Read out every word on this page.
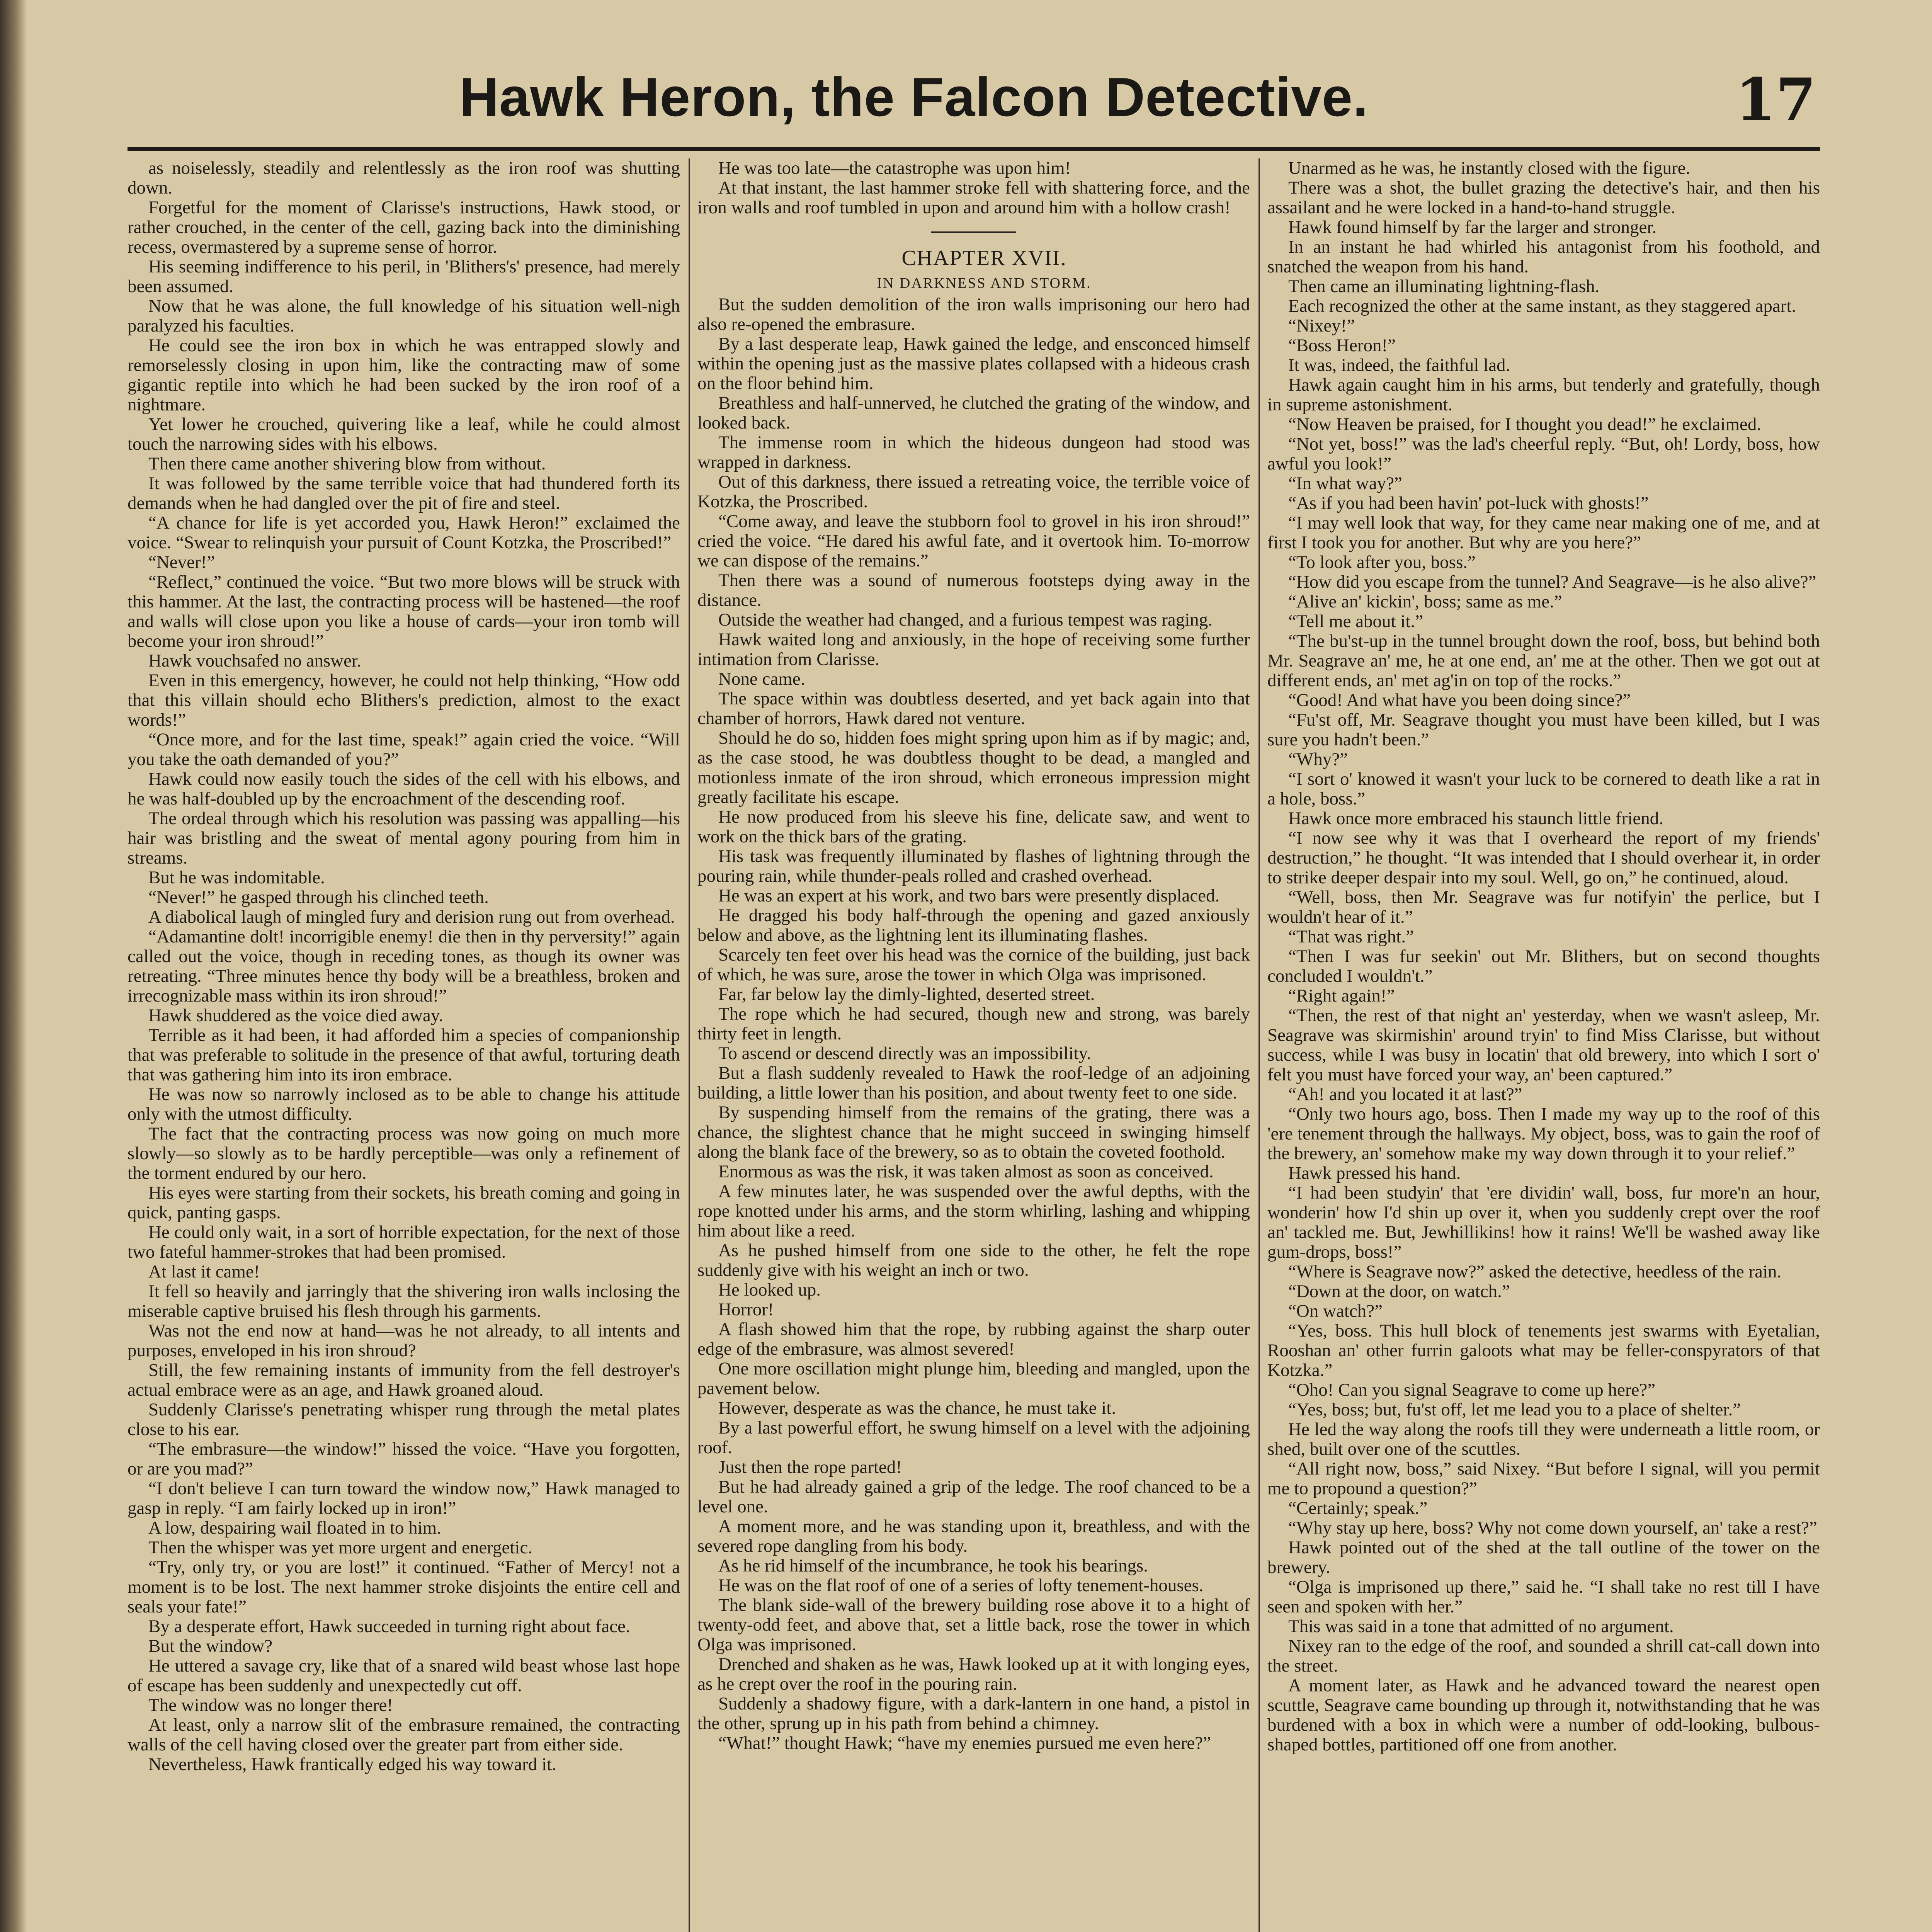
Hawk Heron, the Falcon Detective.	17

as noiselessly, steadily and relentlessly as the iron roof was shutting down.

Forgetful for the moment of Clarisse's instructions, Hawk stood, or rather crouched, in the center of the cell, gazing back into the diminishing recess, overmastered by a supreme sense of horror.

His seeming indifference to his peril, in 'Blithers's' presence, had merely been assumed.

Now that he was alone, the full knowledge of his situation well-nigh paralyzed his faculties.

He could see the iron box in which he was entrapped slowly and remorselessly closing in upon him, like the contracting maw of some gigantic reptile into which he had been sucked by the iron roof of a nightmare.

Yet lower he crouched, quivering like a leaf, while he could almost touch the narrowing sides with his elbows.

Then there came another shivering blow from without.

It was followed by the same terrible voice that had thundered forth its demands when he had dangled over the pit of fire and steel.

“A chance for life is yet accorded you, Hawk Heron!” exclaimed the voice. “Swear to relinquish your pursuit of Count Kotzka, the Proscribed!”

“Never!”

“Reflect,” continued the voice. “But two more blows will be struck with this hammer. At the last, the contracting process will be hastened—the roof and walls will close upon you like a house of cards—your iron tomb will become your iron shroud!”

Hawk vouchsafed no answer.

Even in this emergency, however, he could not help thinking, “How odd that this villain should echo Blithers's prediction, almost to the exact words!”

“Once more, and for the last time, speak!” again cried the voice. “Will you take the oath demanded of you?”

Hawk could now easily touch the sides of the cell with his elbows, and he was half-doubled up by the encroachment of the descending roof.

The ordeal through which his resolution was passing was appalling—his hair was bristling and the sweat of mental agony pouring from him in streams.

But he was indomitable.

“Never!” he gasped through his clinched teeth.

A diabolical laugh of mingled fury and derision rung out from overhead.

“Adamantine dolt! incorrigible enemy! die then in thy perversity!” again called out the voice, though in receding tones, as though its owner was retreating. “Three minutes hence thy body will be a breathless, broken and irrecognizable mass within its iron shroud!”

Hawk shuddered as the voice died away.

Terrible as it had been, it had afforded him a species of companionship that was preferable to solitude in the presence of that awful, torturing death that was gathering him into its iron embrace.

He was now so narrowly inclosed as to be able to change his attitude only with the utmost difficulty.

The fact that the contracting process was now going on much more slowly—so slowly as to be hardly perceptible—was only a refinement of the torment endured by our hero.

His eyes were starting from their sockets, his breath coming and going in quick, panting gasps.

He could only wait, in a sort of horrible expectation, for the next of those two fateful hammer-strokes that had been promised.

At last it came!

It fell so heavily and jarringly that the shivering iron walls inclosing the miserable captive bruised his flesh through his garments.

Was not the end now at hand—was he not already, to all intents and purposes, enveloped in his iron shroud?

Still, the few remaining instants of immunity from the fell destroyer's actual embrace were as an age, and Hawk groaned aloud.

Suddenly Clarisse's penetrating whisper rung through the metal plates close to his ear.

“The embrasure—the window!” hissed the voice. “Have you forgotten, or are you mad?”

“I don't believe I can turn toward the window now,” Hawk managed to gasp in reply. “I am fairly locked up in iron!”

A low, despairing wail floated in to him.

Then the whisper was yet more urgent and energetic.

“Try, only try, or you are lost!” it continued. “Father of Mercy! not a moment is to be lost. The next hammer stroke disjoints the entire cell and seals your fate!”

By a desperate effort, Hawk succeeded in turning right about face.

But the window?

He uttered a savage cry, like that of a snared wild beast whose last hope of escape has been suddenly and unexpectedly cut off.

The window was no longer there!

At least, only a narrow slit of the embrasure remained, the contracting walls of the cell having closed over the greater part from either side.

Nevertheless, Hawk frantically edged his way toward it.

He was too late—the catastrophe was upon him!

At that instant, the last hammer stroke fell with shattering force, and the iron walls and roof tumbled in upon and around him with a hollow crash!

CHAPTER XVII.

IN DARKNESS AND STORM.

But the sudden demolition of the iron walls imprisoning our hero had also re-opened the embrasure.

By a last desperate leap, Hawk gained the ledge, and ensconced himself within the opening just as the massive plates collapsed with a hideous crash on the floor behind him.

Breathless and half-unnerved, he clutched the grating of the window, and looked back.

The immense room in which the hideous dungeon had stood was wrapped in darkness.

Out of this darkness, there issued a retreating voice, the terrible voice of Kotzka, the Proscribed.

“Come away, and leave the stubborn fool to grovel in his iron shroud!” cried the voice. “He dared his awful fate, and it overtook him. To-morrow we can dispose of the remains.”

Then there was a sound of numerous footsteps dying away in the distance.

Outside the weather had changed, and a furious tempest was raging.

Hawk waited long and anxiously, in the hope of receiving some further intimation from Clarisse.

None came.

The space within was doubtless deserted, and yet back again into that chamber of horrors, Hawk dared not venture.

Should he do so, hidden foes might spring upon him as if by magic; and, as the case stood, he was doubtless thought to be dead, a mangled and motionless inmate of the iron shroud, which erroneous impression might greatly facilitate his escape.

He now produced from his sleeve his fine, delicate saw, and went to work on the thick bars of the grating.

His task was frequently illuminated by flashes of lightning through the pouring rain, while thunder-peals rolled and crashed overhead.

He was an expert at his work, and two bars were presently displaced.

He dragged his body half-through the opening and gazed anxiously below and above, as the lightning lent its illuminating flashes.

Scarcely ten feet over his head was the cornice of the building, just back of which, he was sure, arose the tower in which Olga was imprisoned.

Far, far below lay the dimly-lighted, deserted street.

The rope which he had secured, though new and strong, was barely thirty feet in length.

To ascend or descend directly was an impossibility.

But a flash suddenly revealed to Hawk the roof-ledge of an adjoining building, a little lower than his position, and about twenty feet to one side.

By suspending himself from the remains of the grating, there was a chance, the slightest chance that he might succeed in swinging himself along the blank face of the brewery, so as to obtain the coveted foothold.

Enormous as was the risk, it was taken almost as soon as conceived.

A few minutes later, he was suspended over the awful depths, with the rope knotted under his arms, and the storm whirling, lashing and whipping him about like a reed.

As he pushed himself from one side to the other, he felt the rope suddenly give with his weight an inch or two.

He looked up.

Horror!

A flash showed him that the rope, by rubbing against the sharp outer edge of the embrasure, was almost severed!

One more oscillation might plunge him, bleeding and mangled, upon the pavement below.

However, desperate as was the chance, he must take it.

By a last powerful effort, he swung himself on a level with the adjoining roof.

Just then the rope parted!

But he had already gained a grip of the ledge. The roof chanced to be a level one.

A moment more, and he was standing upon it, breathless, and with the severed rope dangling from his body.

As he rid himself of the incumbrance, he took his bearings.

He was on the flat roof of one of a series of lofty tenement-houses.

The blank side-wall of the brewery building rose above it to a hight of twenty-odd feet, and above that, set a little back, rose the tower in which Olga was imprisoned.

Drenched and shaken as he was, Hawk looked up at it with longing eyes, as he crept over the roof in the pouring rain.

Suddenly a shadowy figure, with a dark-lantern in one hand, a pistol in the other, sprung up in his path from behind a chimney.

“What!” thought Hawk; “have my enemies pursued me even here?”

Unarmed as he was, he instantly closed with the figure.

There was a shot, the bullet grazing the detective's hair, and then his assailant and he were locked in a hand-to-hand struggle.

Hawk found himself by far the larger and stronger.

In an instant he had whirled his antagonist from his foothold, and snatched the weapon from his hand.

Then came an illuminating lightning-flash.

Each recognized the other at the same instant, as they staggered apart.

“Nixey!”

“Boss Heron!”

It was, indeed, the faithful lad.

Hawk again caught him in his arms, but tenderly and gratefully, though in supreme astonishment.

“Now Heaven be praised, for I thought you dead!” he exclaimed.

“Not yet, boss!” was the lad's cheerful reply. “But, oh! Lordy, boss, how awful you look!”

“In what way?”

“As if you had been havin' pot-luck with ghosts!”

“I may well look that way, for they came near making one of me, and at first I took you for another. But why are you here?”

“To look after you, boss.”

“How did you escape from the tunnel? And Seagrave—is he also alive?”

“Alive an' kickin', boss; same as me.”

“Tell me about it.”

“The bu'st-up in the tunnel brought down the roof, boss, but behind both Mr. Seagrave an' me, he at one end, an' me at the other. Then we got out at different ends, an' met ag'in on top of the rocks.”

“Good! And what have you been doing since?”

“Fu'st off, Mr. Seagrave thought you must have been killed, but I was sure you hadn't been.”

“Why?”

“I sort o' knowed it wasn't your luck to be cornered to death like a rat in a hole, boss.”

Hawk once more embraced his staunch little friend.

“I now see why it was that I overheard the report of my friends' destruction,” he thought. “It was intended that I should overhear it, in order to strike deeper despair into my soul. Well, go on,” he continued, aloud.

“Well, boss, then Mr. Seagrave was fur notifyin' the perlice, but I wouldn't hear of it.”

“That was right.”

“Then I was fur seekin' out Mr. Blithers, but on second thoughts concluded I wouldn't.”

“Right again!”

“Then, the rest of that night an' yesterday, when we wasn't asleep, Mr. Seagrave was skirmishin' around tryin' to find Miss Clarisse, but without success, while I was busy in locatin' that old brewery, into which I sort o' felt you must have forced your way, an' been captured.”

“Ah! and you located it at last?”

“Only two hours ago, boss. Then I made my way up to the roof of this 'ere tenement through the hallways. My object, boss, was to gain the roof of the brewery, an' somehow make my way down through it to your relief.”

Hawk pressed his hand.

“I had been studyin' that 'ere dividin' wall, boss, fur more'n an hour, wonderin' how I'd shin up over it, when you suddenly crept over the roof an' tackled me. But, Jewhillikins! how it rains! We'll be washed away like gum-drops, boss!”

“Where is Seagrave now?” asked the detective, heedless of the rain.

“Down at the door, on watch.”

“On watch?”

“Yes, boss. This hull block of tenements jest swarms with Eyetalian, Rooshan an' other furrin galoots what may be feller-conspyrators of that Kotzka.”

“Oho! Can you signal Seagrave to come up here?”

“Yes, boss; but, fu'st off, let me lead you to a place of shelter.”

He led the way along the roofs till they were underneath a little room, or shed, built over one of the scuttles.

“All right now, boss,” said Nixey. “But before I signal, will you permit me to propound a question?”

“Certainly; speak.”

“Why stay up here, boss? Why not come down yourself, an' take a rest?”

Hawk pointed out of the shed at the tall outline of the tower on the brewery.

“Olga is imprisoned up there,” said he. “I shall take no rest till I have seen and spoken with her.”

This was said in a tone that admitted of no argument.

Nixey ran to the edge of the roof, and sounded a shrill cat-call down into the street.

A moment later, as Hawk and he advanced toward the nearest open scuttle, Seagrave came bounding up through it, notwithstanding that he was burdened with a box in which were a number of odd-looking, bulbous-shaped bottles, partitioned off one from another.
